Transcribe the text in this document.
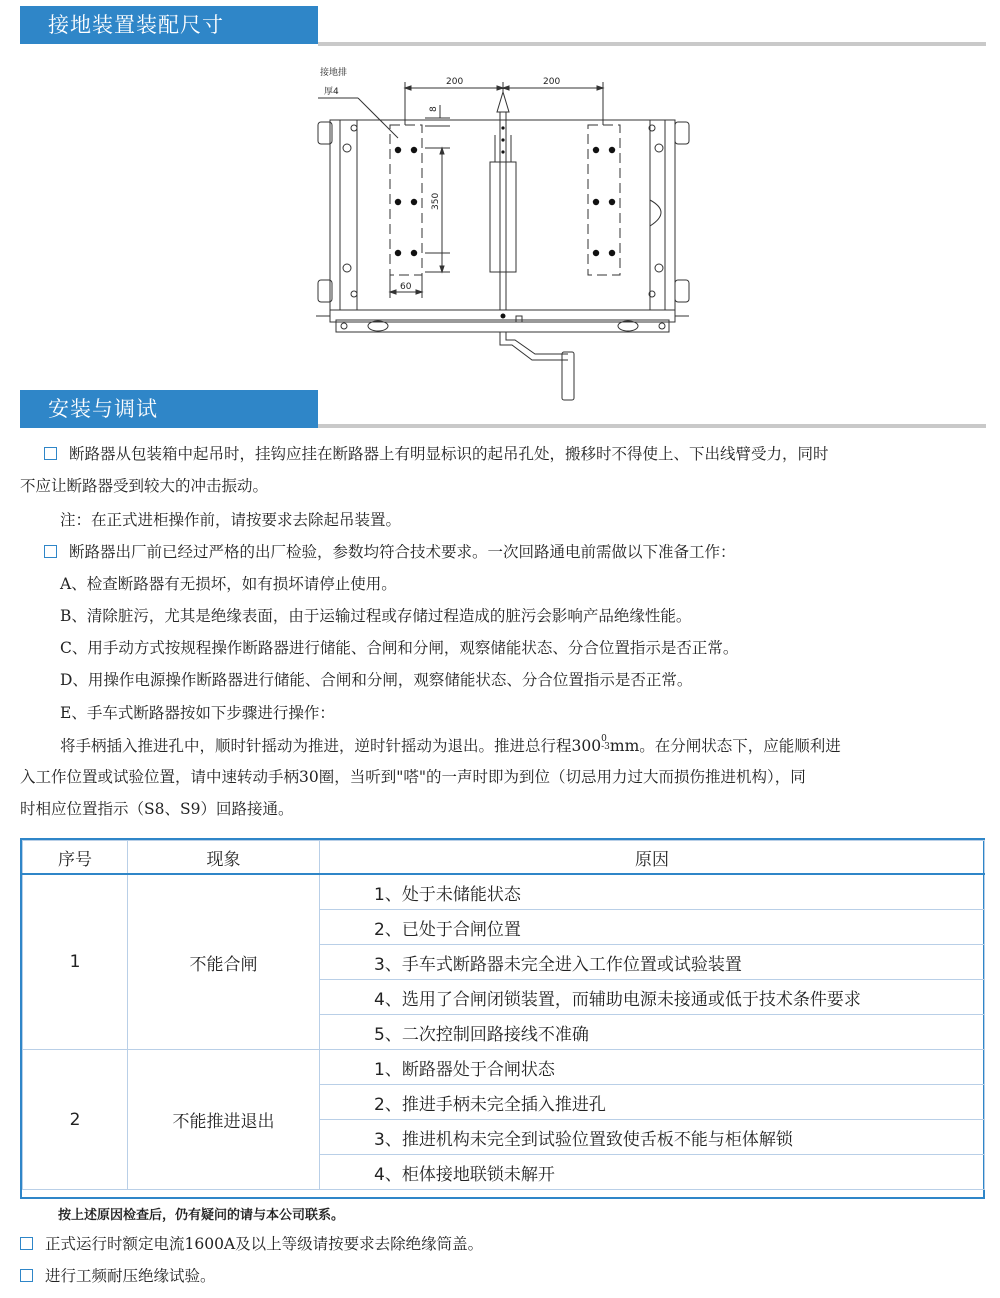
接地装置装配尺寸
接地排
厚4
200	200
8
350
60
安装与调试
断路器从包装箱中起吊时，挂钩应挂在断路器上有明显标识的起吊孔处，搬移时不得使上、下出线臂受力，同时
不应让断路器受到较大的冲击振动。
注：在正式进柜操作前，请按要求去除起吊装置。
断路器出厂前已经过严格的出厂检验，参数均符合技术要求。一次回路通电前需做以下准备工作：
A、检查断路器有无损坏，如有损坏请停止使用。
B、清除脏污，尤其是绝缘表面，由于运输过程或存储过程造成的脏污会影响产品绝缘性能。
C、用手动方式按规程操作断路器进行储能、合闸和分闸，观察储能状态、分合位置指示是否正常。
D、用操作电源操作断路器进行储能、合闸和分闸，观察储能状态、分合位置指示是否正常。
E、手车式断路器按如下步骤进行操作：
将手柄插入推进孔中，顺时针摇动为推进，逆时针摇动为退出。推进总行程300 0
-3 mm。在分闸状态下，应能顺利进
入工作位置或试验位置，请中速转动手柄30圈，当听到"嗒"的一声时即为到位（切忌用力过大而损伤推进机构），同
时相应位置指示（S8、S9）回路接通。
序号	现象	原因
1	不能合闸	1、处于未储能状态
		2、已处于合闸位置
		3、手车式断路器未完全进入工作位置或试验装置
		4、选用了合闸闭锁装置，而辅助电源未接通或低于技术条件要求
		5、二次控制回路接线不准确
2	不能推进退出	1、断路器处于合闸状态
		2、推进手柄未完全插入推进孔
		3、推进机构未完全到试验位置致使舌板不能与柜体解锁
		4、柜体接地联锁未解开
按上述原因检查后，仍有疑问的请与本公司联系。
正式运行时额定电流1600A及以上等级请按要求去除绝缘筒盖。
进行工频耐压绝缘试验。
